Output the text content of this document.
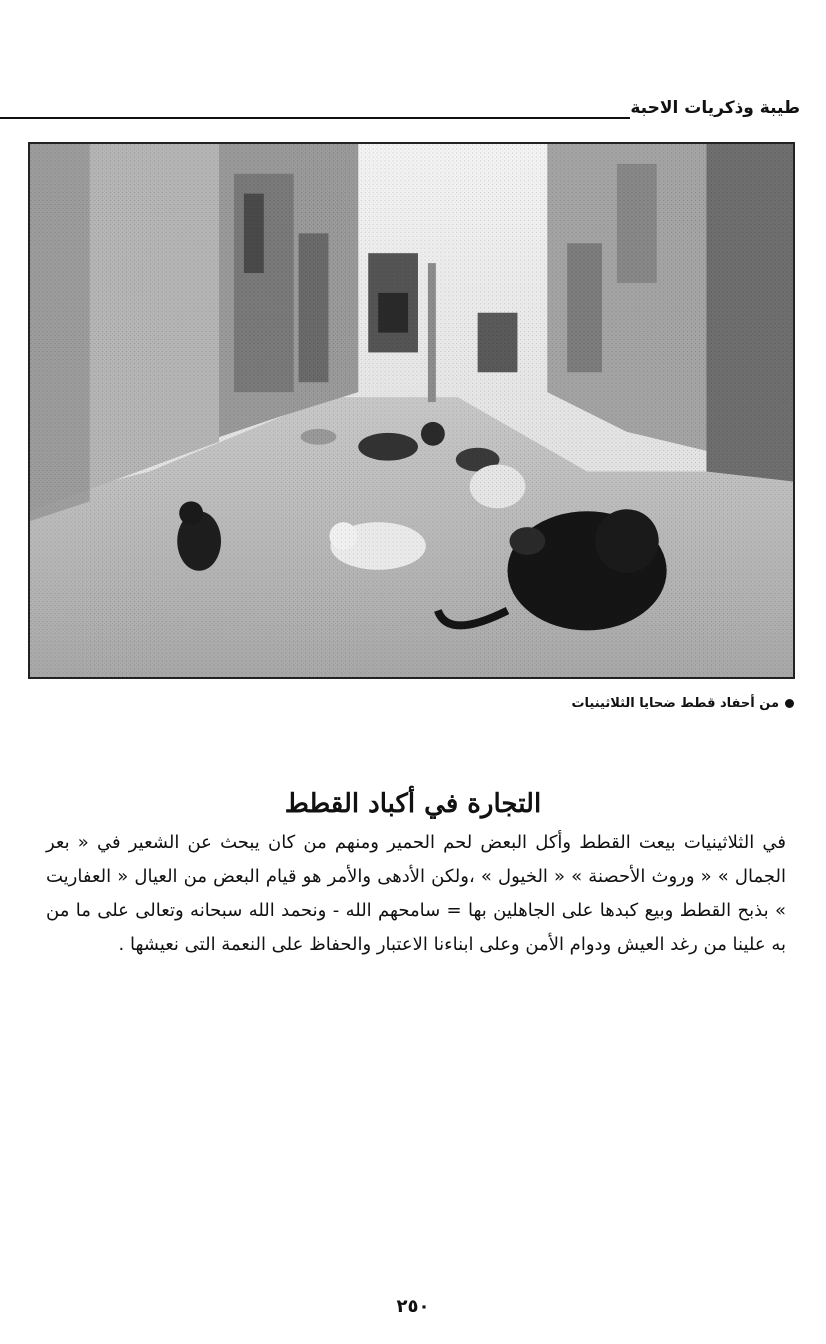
طيبة وذكريات الاحبة
من أحفاد قطط ضحايا الثلاثينيات
التجارة في أكباد القطط

في الثلاثينيات بيعت القطط وأكل البعض لحم الحمير ومنهم من كان يبحث عن الشعير في « بعر الجمال » « وروث الأحصنة » « الخيول » ،ولكن الأدهى والأمر هو قيام البعض من العيال « العفاريت » بذبح القطط وبيع كبدها على الجاهلين بها = سامحهم الله - ونحمد الله سبحانه وتعالى على ما من به علينا من رغد العيش ودوام الأمن وعلى ابناءنا الاعتبار والحفاظ على النعمة التى نعيشها .

٢٥٠
